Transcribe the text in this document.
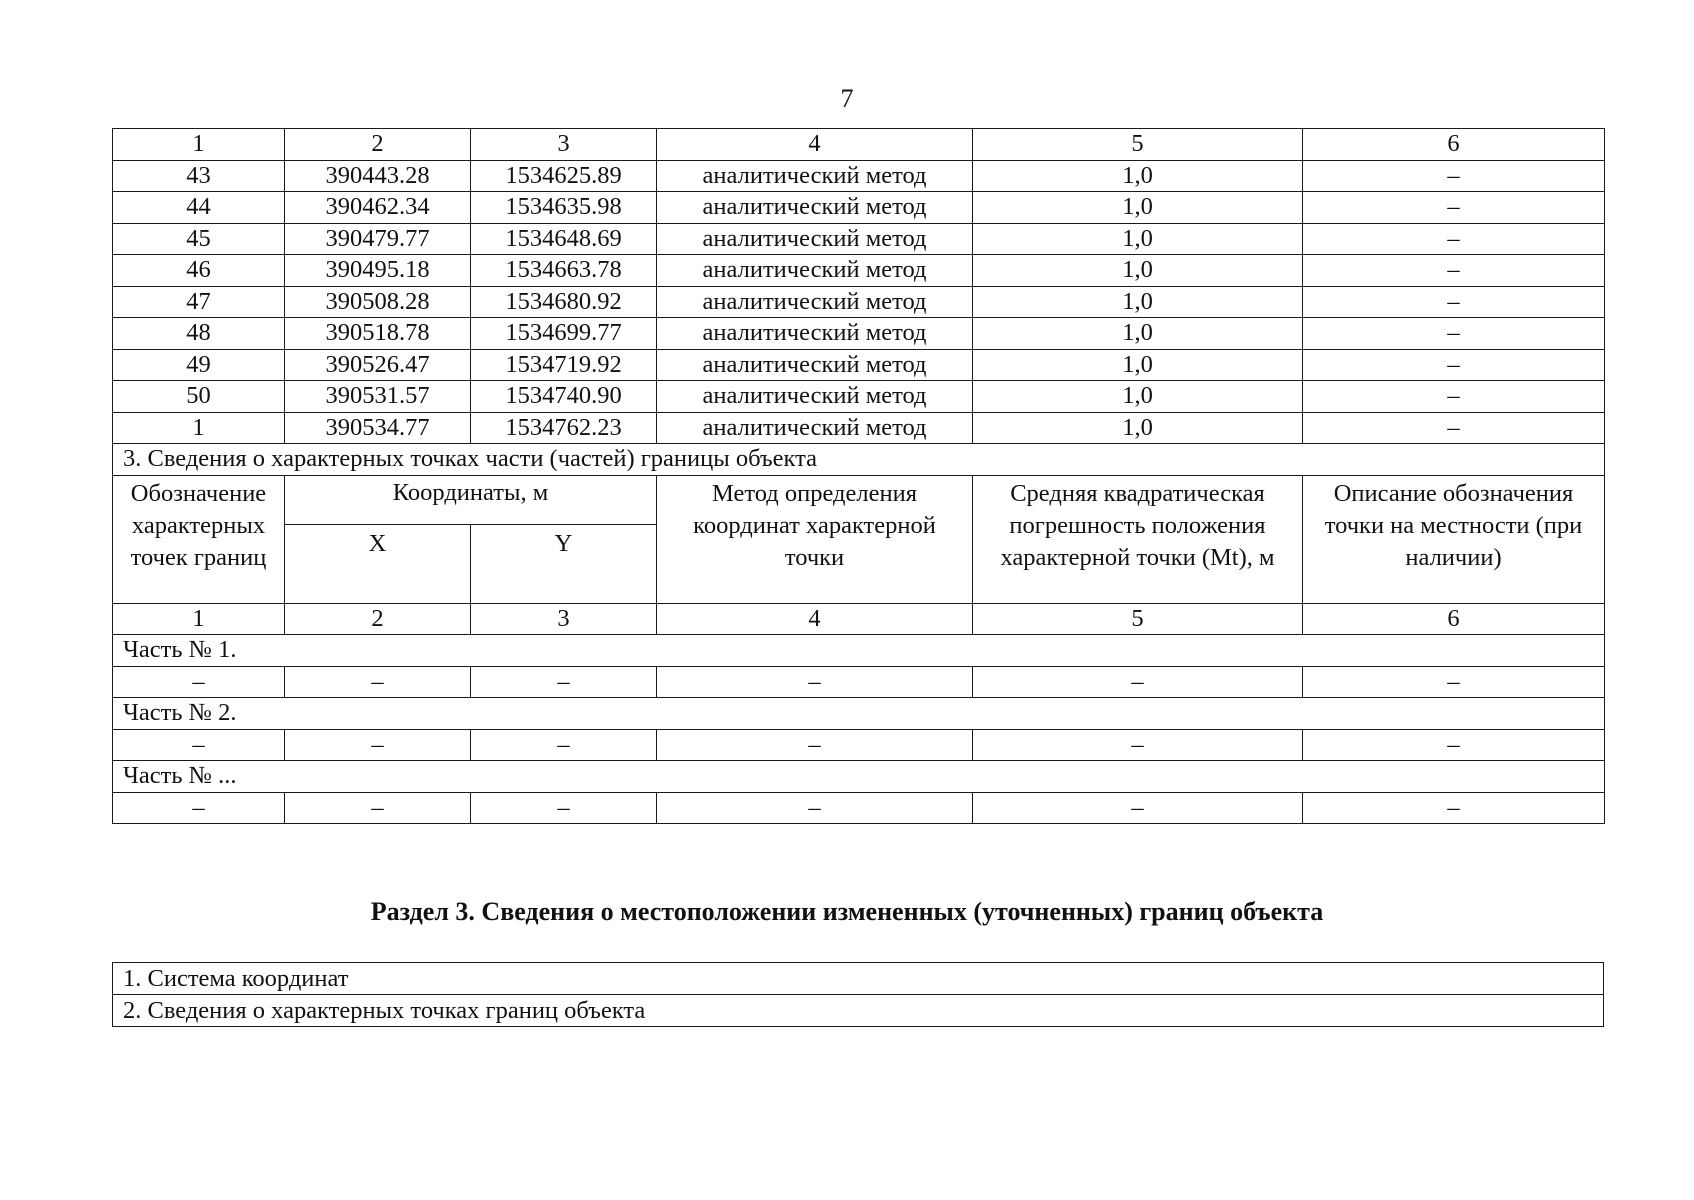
7
1	2	3	4	5	6
43	390443.28	1534625.89	аналитический метод	1,0	–
44	390462.34	1534635.98	аналитический метод	1,0	–
45	390479.77	1534648.69	аналитический метод	1,0	–
46	390495.18	1534663.78	аналитический метод	1,0	–
47	390508.28	1534680.92	аналитический метод	1,0	–
48	390518.78	1534699.77	аналитический метод	1,0	–
49	390526.47	1534719.92	аналитический метод	1,0	–
50	390531.57	1534740.90	аналитический метод	1,0	–
1	390534.77	1534762.23	аналитический метод	1,0	–
3. Сведения о характерных точках части (частей) границы объекта					
Обозначение характерных точек границ	Координаты, м		Метод определения координат характерной точки	Средняя квадратическая погрешность положения характерной точки (Mt), м	Описание обозначения точки на местности (при наличии)
	X	Y			
1	2	3	4	5	6
Часть № 1.					
–	–	–	–	–	–
Часть № 2.					
–	–	–	–	–	–
Часть № ...					
–	–	–	–	–	–
Раздел 3. Сведения о местоположении измененных (уточненных) границ объекта
1. Система координат
2. Сведения о характерных точках границ объекта
